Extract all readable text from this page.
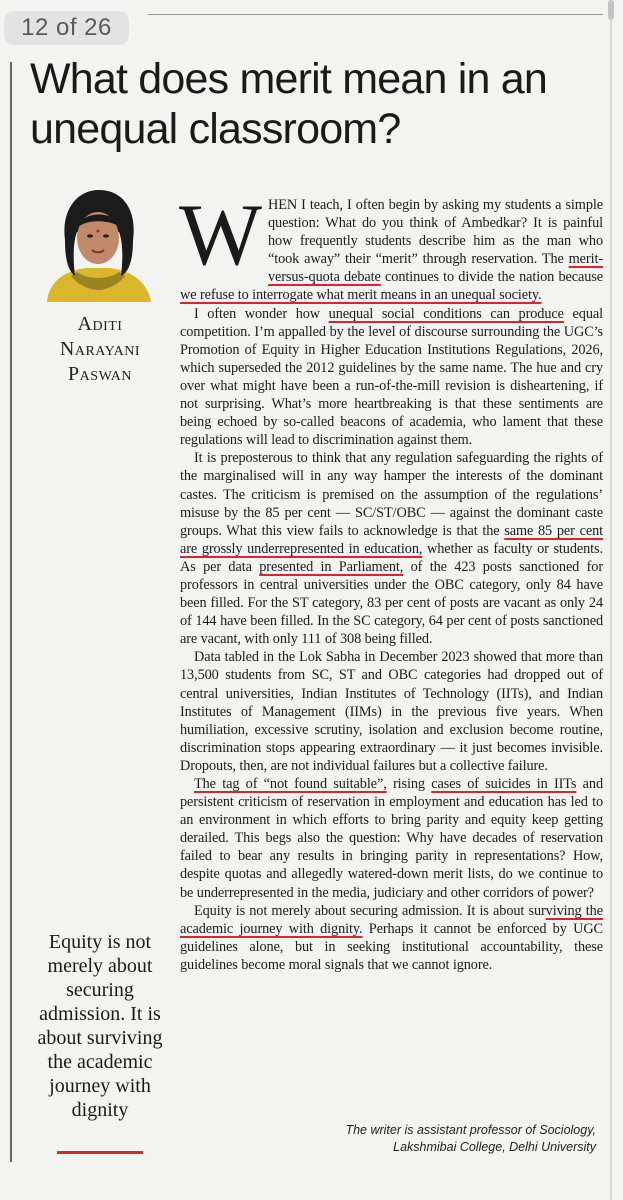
12 of 26
What does merit mean in an unequal classroom?
Aditi
Narayani
Paswan

WHEN I teach, I often begin by asking my students a simple question: What do you think of Ambedkar? It is painful how frequently students describe him as the man who “took away” their “merit” through reservation. The merit-versus-quota debate continues to divide the nation because we refuse to interrogate what merit means in an unequal society.

I often wonder how unequal social conditions can produce equal competition. I’m appalled by the level of discourse surrounding the UGC’s Promotion of Equity in Higher Education Institutions Regulations, 2026, which superseded the 2012 guidelines by the same name. The hue and cry over what might have been a run-of-the-mill revision is disheartening, if not surprising. What’s more heartbreaking is that these sentiments are being echoed by so-called beacons of academia, who lament that these regulations will lead to discrimination against them.

It is preposterous to think that any regulation safeguarding the rights of the marginalised will in any way hamper the interests of the dominant castes. The criticism is premised on the assumption of the regulations’ misuse by the 85 per cent — SC/ST/OBC — against the dominant caste groups. What this view fails to acknowledge is that the same 85 per cent are grossly underrepresented in education, whether as faculty or students. As per data presented in Parliament, of the 423 posts sanctioned for professors in central universities under the OBC category, only 84 have been filled. For the ST category, 83 per cent of posts are vacant as only 24 of 144 have been filled. In the SC category, 64 per cent of posts sanctioned are vacant, with only 111 of 308 being filled.

Data tabled in the Lok Sabha in December 2023 showed that more than 13,500 students from SC, ST and OBC categories had dropped out of central universities, Indian Institutes of Technology (IITs), and Indian Institutes of Management (IIMs) in the previous five years. When humiliation, excessive scrutiny, isolation and exclusion become routine, discrimination stops appearing extraordinary — it just becomes invisible. Dropouts, then, are not individual failures but a collective failure.

The tag of “not found suitable”, rising cases of suicides in IITs and persistent criticism of reservation in employment and education has led to an environment in which efforts to bring parity and equity keep getting derailed. This begs also the question: Why have decades of reservation failed to bear any results in bringing parity in representations? How, despite quotas and allegedly watered-down merit lists, do we continue to be underrepresented in the media, judiciary and other corridors of power?

Equity is not merely about securing admission. It is about surviving the academic journey with dignity. Perhaps it cannot be enforced by UGC guidelines alone, but in seeking institutional accountability, these guidelines become moral signals that we cannot ignore.

Equity is not merely about securing admission. It is about surviving the academic journey with dignity
The writer is assistant professor of Sociology,
Lakshmibai College, Delhi University
